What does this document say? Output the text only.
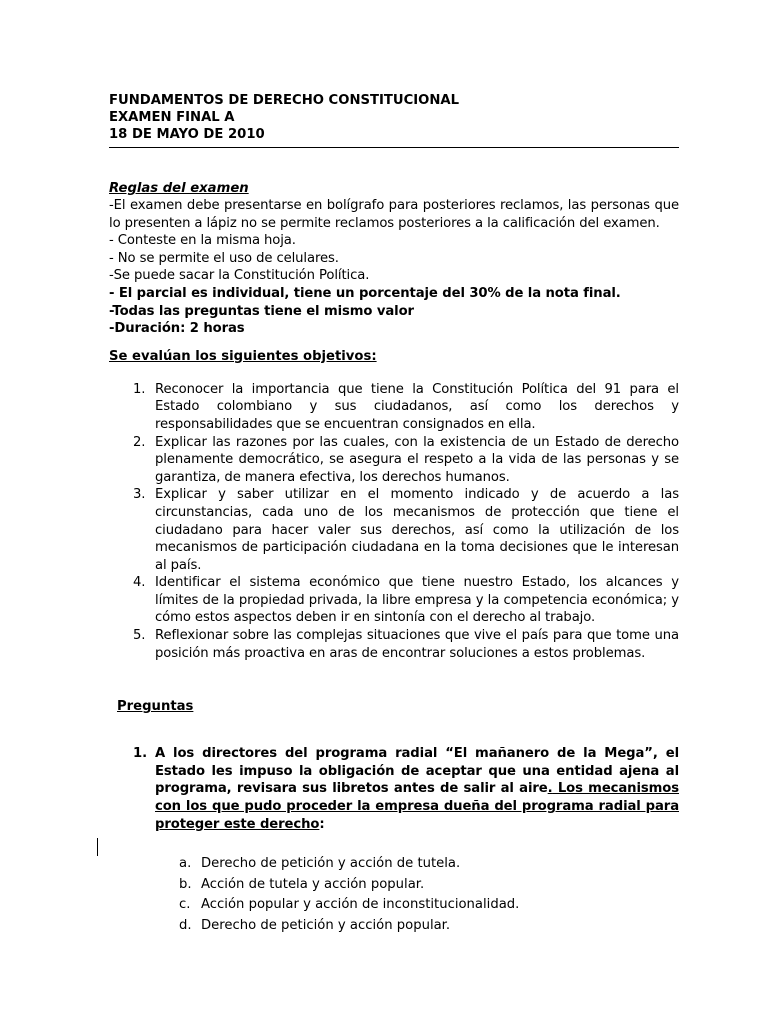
FUNDAMENTOS DE DERECHO CONSTITUCIONAL
EXAMEN FINAL A
18 DE MAYO DE 2010
Reglas del examen
-El examen debe presentarse en bolígrafo para posteriores reclamos, las personas que lo presenten a lápiz no se permite reclamos posteriores a la calificación del examen.
- Conteste en la misma hoja.
- No se permite el uso de celulares.
-Se puede sacar la Constitución Política.
- El parcial es individual, tiene un porcentaje del 30% de la nota final.
-Todas las preguntas tiene el mismo valor
-Duración: 2 horas
Se evalúan los siguientes objetivos:
1. Reconocer la importancia que tiene la Constitución Política del 91 para el Estado colombiano y sus ciudadanos, así como los derechos y responsabilidades que se encuentran consignados en ella.
2. Explicar las razones por las cuales, con la existencia de un Estado de derecho plenamente democrático, se asegura el respeto a la vida de las personas y se garantiza, de manera efectiva, los derechos humanos.
3. Explicar y saber utilizar en el momento indicado y de acuerdo a las circunstancias, cada uno de los mecanismos de protección que tiene el ciudadano para hacer valer sus derechos, así como la utilización de los mecanismos de participación ciudadana en la toma decisiones que le interesan al país.
4. Identificar el sistema económico que tiene nuestro Estado, los alcances y límites de la propiedad privada, la libre empresa y la competencia económica; y cómo estos aspectos deben ir en sintonía con el derecho al trabajo.
5. Reflexionar sobre las complejas situaciones que vive el país para que tome una posición más proactiva en aras de encontrar soluciones a estos problemas.
Preguntas
1. A los directores del programa radial “El mañanero de la Mega”, el Estado les impuso la obligación de aceptar que una entidad ajena al programa, revisara sus libretos antes de salir al aire. Los mecanismos con los que pudo proceder la empresa dueña del programa radial para proteger este derecho:
a. Derecho de petición y acción de tutela.
b. Acción de tutela y acción popular.
c. Acción popular y acción de inconstitucionalidad.
d. Derecho de petición y acción popular.
